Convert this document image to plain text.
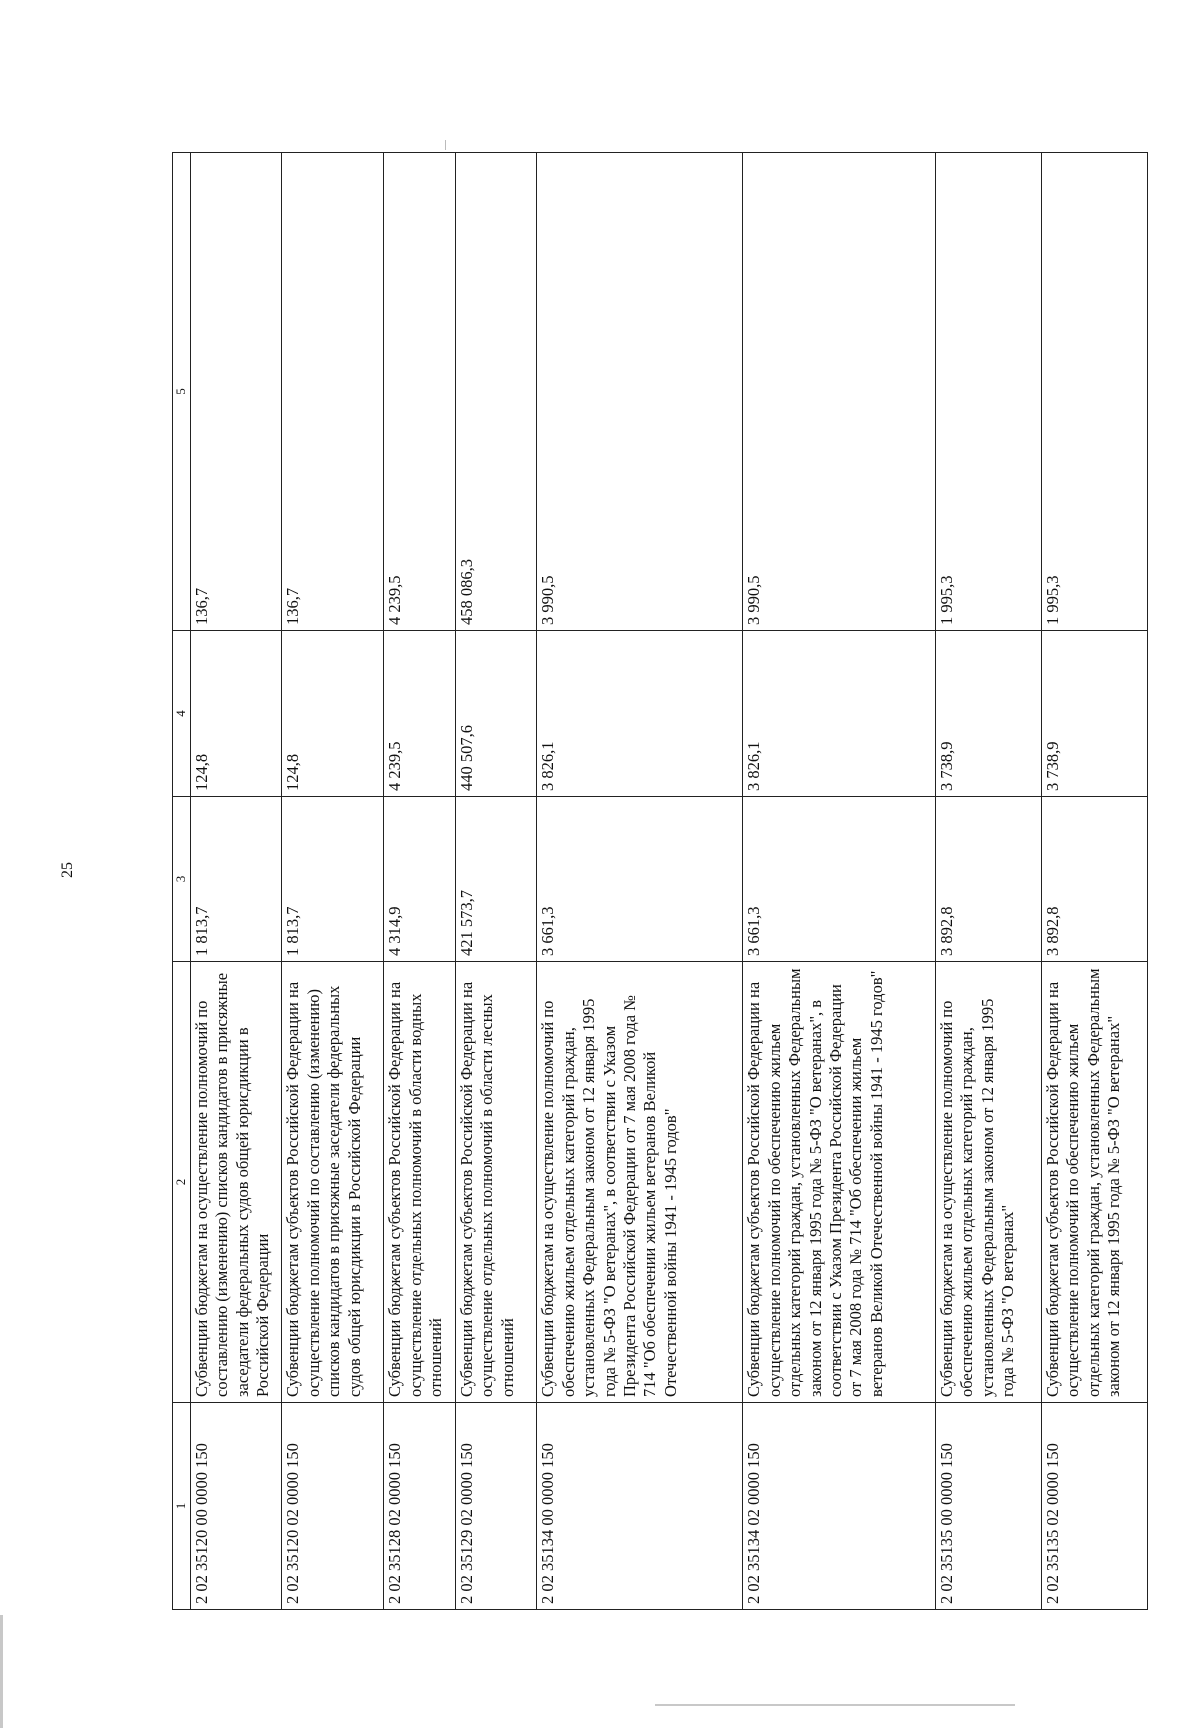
25
1	2	3	4	5
2 02 35120 00 0000 150	Субвенции бюджетам на осуществление полномочий по составлению (изменению) списков кандидатов в присяжные заседатели федеральных судов общей юрисдикции в Российской Федерации	1 813,7	124,8	136,7
2 02 35120 02 0000 150	Субвенции бюджетам субъектов Российской Федерации на осуществление полномочий по составлению (изменению) списков кандидатов в присяжные заседатели федеральных судов общей юрисдикции в Российской Федерации	1 813,7	124,8	136,7
2 02 35128 02 0000 150	Субвенции бюджетам субъектов Российской Федерации на осуществление отдельных полномочий в области водных отношений	4 314,9	4 239,5	4 239,5
2 02 35129 02 0000 150	Субвенции бюджетам субъектов Российской Федерации на осуществление отдельных полномочий в области лесных отношений	421 573,7	440 507,6	458 086,3
2 02 35134 00 0000 150	Субвенции бюджетам на осуществление полномочий по обеспечению жильем отдельных категорий граждан, установленных Федеральным законом от 12 января 1995 года № 5-ФЗ "О ветеранах", в соответствии с Указом Президента Российской Федерации от 7 мая 2008 года № 714 "Об обеспечении жильем ветеранов Великой Отечественной войны 1941 - 1945 годов"	3 661,3	3 826,1	3 990,5
2 02 35134 02 0000 150	Субвенции бюджетам субъектов Российской Федерации на осуществление полномочий по обеспечению жильем отдельных категорий граждан, установленных Федеральным законом от 12 января 1995 года № 5-ФЗ "О ветеранах", в соответствии с Указом Президента Российской Федерации от 7 мая 2008 года № 714 "Об обеспечении жильем ветеранов Великой Отечественной войны 1941 - 1945 годов"	3 661,3	3 826,1	3 990,5
2 02 35135 00 0000 150	Субвенции бюджетам на осуществление полномочий по обеспечению жильем отдельных категорий граждан, установленных Федеральным законом от 12 января 1995 года № 5-ФЗ "О ветеранах"	3 892,8	3 738,9	1 995,3
2 02 35135 02 0000 150	Субвенции бюджетам субъектов Российской Федерации на осуществление полномочий по обеспечению жильем отдельных категорий граждан, установленных Федеральным законом от 12 января 1995 года № 5-ФЗ "О ветеранах"	3 892,8	3 738,9	1 995,3
